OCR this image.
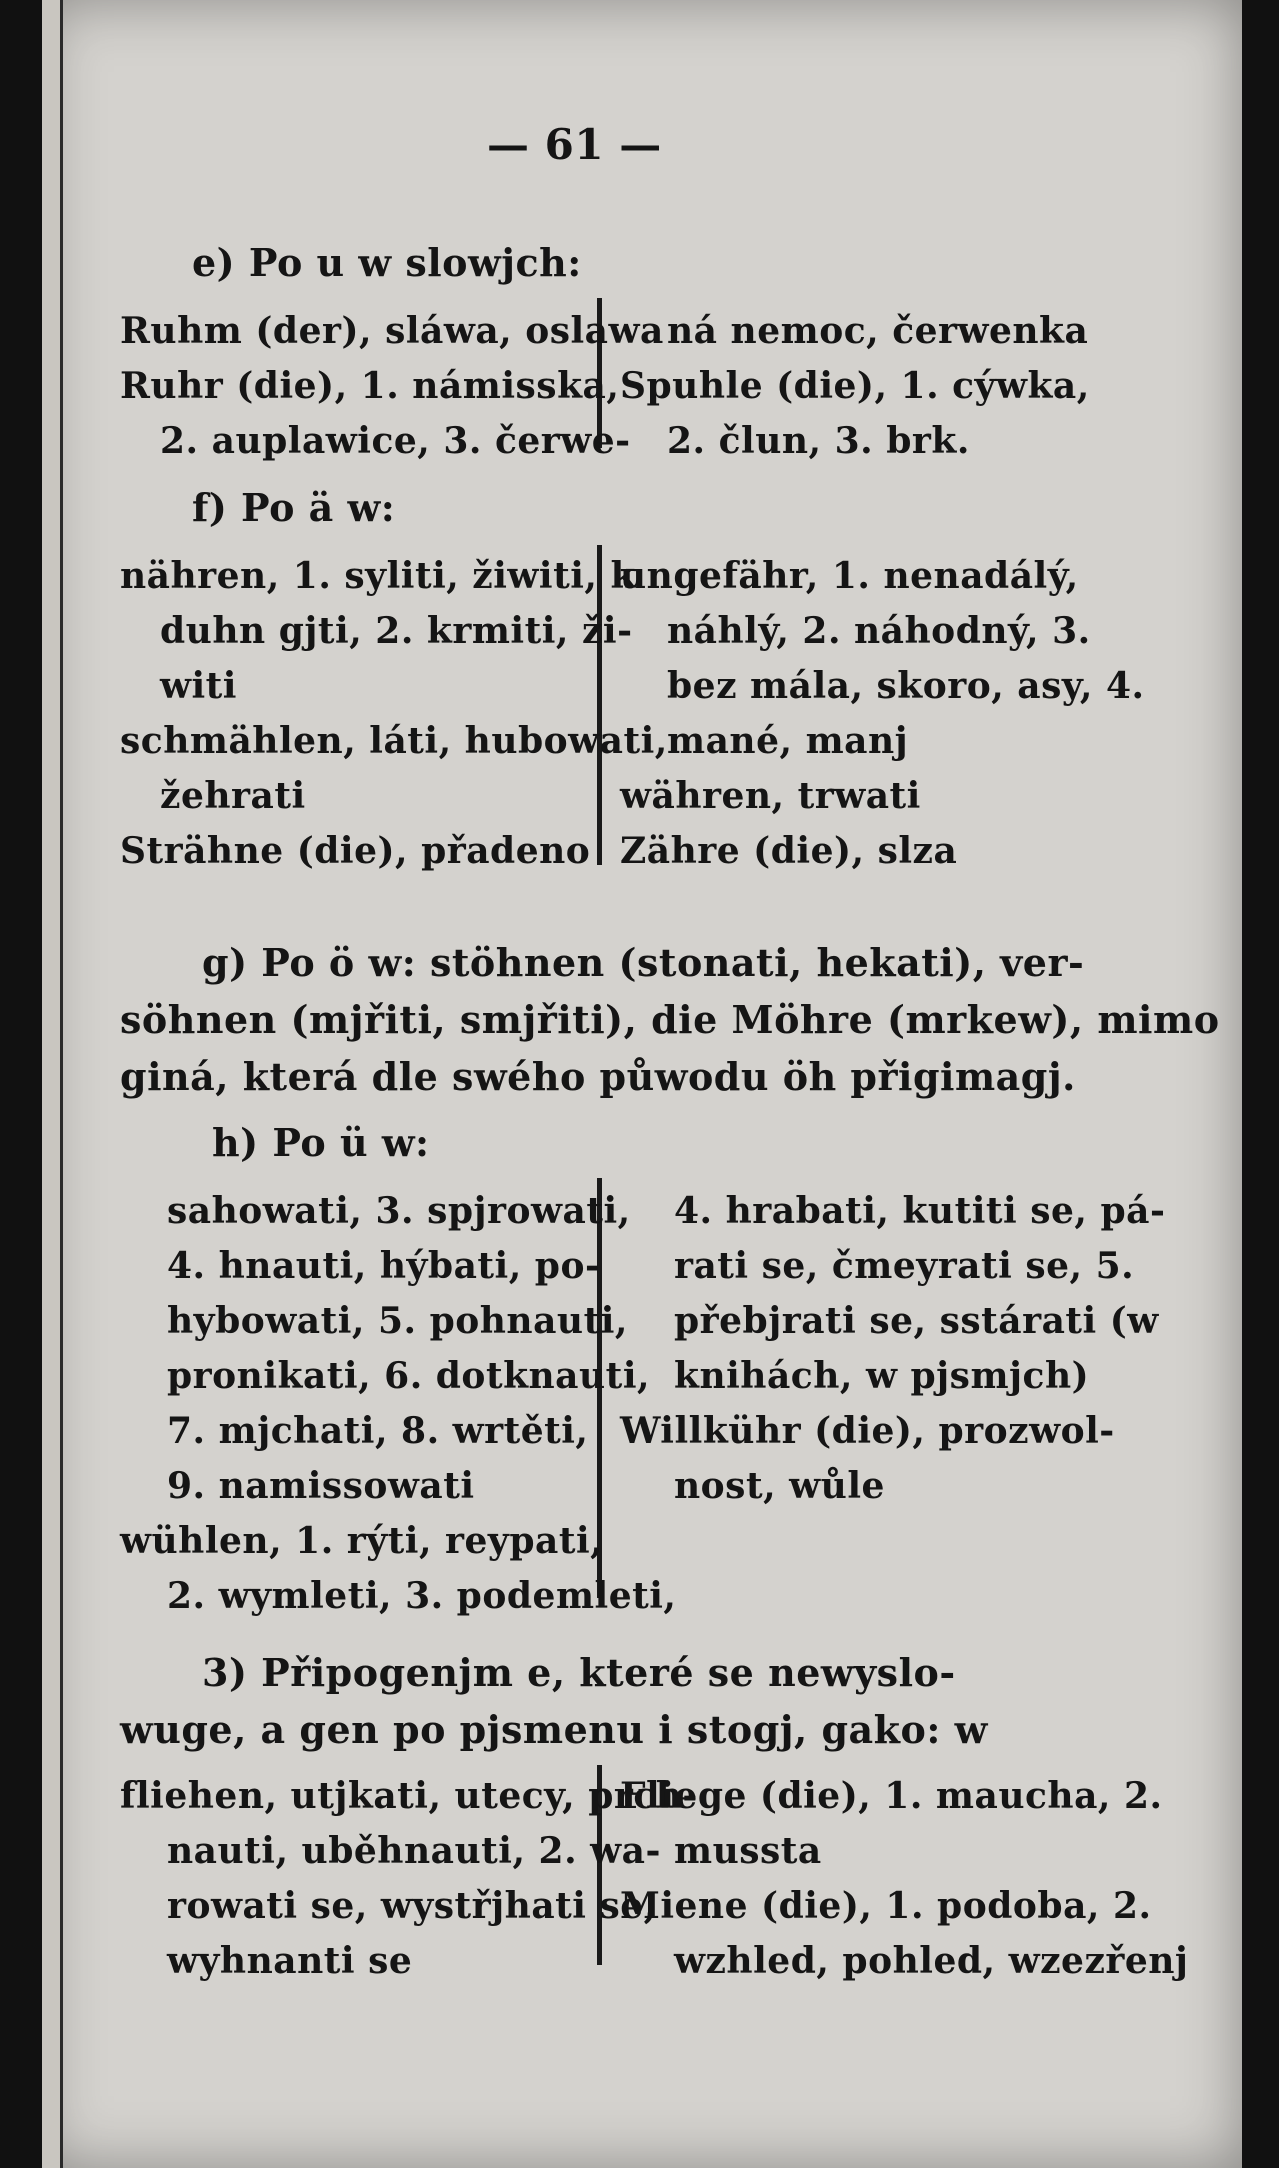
— 61 —
e) Po u w slowjch:
Ruhm (der), sláwa, oslawa
Ruhr (die), 1. námisska,
2. auplawice, 3. čerwe-
ná nemoc, čerwenka
Spuhle (die), 1. cýwka,
2. člun, 3. brk.
f) Po ä w:
nähren, 1. syliti, žiwiti, k
duhn gjti, 2. krmiti, ži-
witi
schmählen, láti, hubowati,
žehrati
Strähne (die), přadeno
ungefähr, 1. nenadálý,
náhlý, 2. náhodný, 3.
bez mála, skoro, asy, 4.
mané, manj
währen, trwati
Zähre (die), slza
g) Po ö w: stöhnen (stonati, hekati), ver-
söhnen (mjřiti, smjřiti), die Möhre (mrkew), mimo
giná, která dle swého půwodu öh přigimagj.
h) Po ü w:
sahowati, 3. spjrowati,
4. hnauti, hýbati, po-
hybowati, 5. pohnauti,
pronikati, 6. dotknauti,
7. mjchati, 8. wrtěti,
9. namissowati
wühlen, 1. rýti, reypati,
2. wymleti, 3. podemleti,
4. hrabati, kutiti se, pá-
rati se, čmeyrati se, 5.
přebjrati se, sstárati (w
knihách, w pjsmjch)
Willkühr (die), prozwol-
nost, wůle
3) Připogenjm e, které se newyslo-
wuge, a gen po pjsmenu i stogj, gako: w
fliehen, utjkati, utecy, prch-
nauti, uběhnauti, 2. wa-
rowati se, wystřjhati se,
wyhnanti se
Fliege (die), 1. maucha, 2.
mussta
Miene (die), 1. podoba, 2.
wzhled, pohled, wzezřenj
